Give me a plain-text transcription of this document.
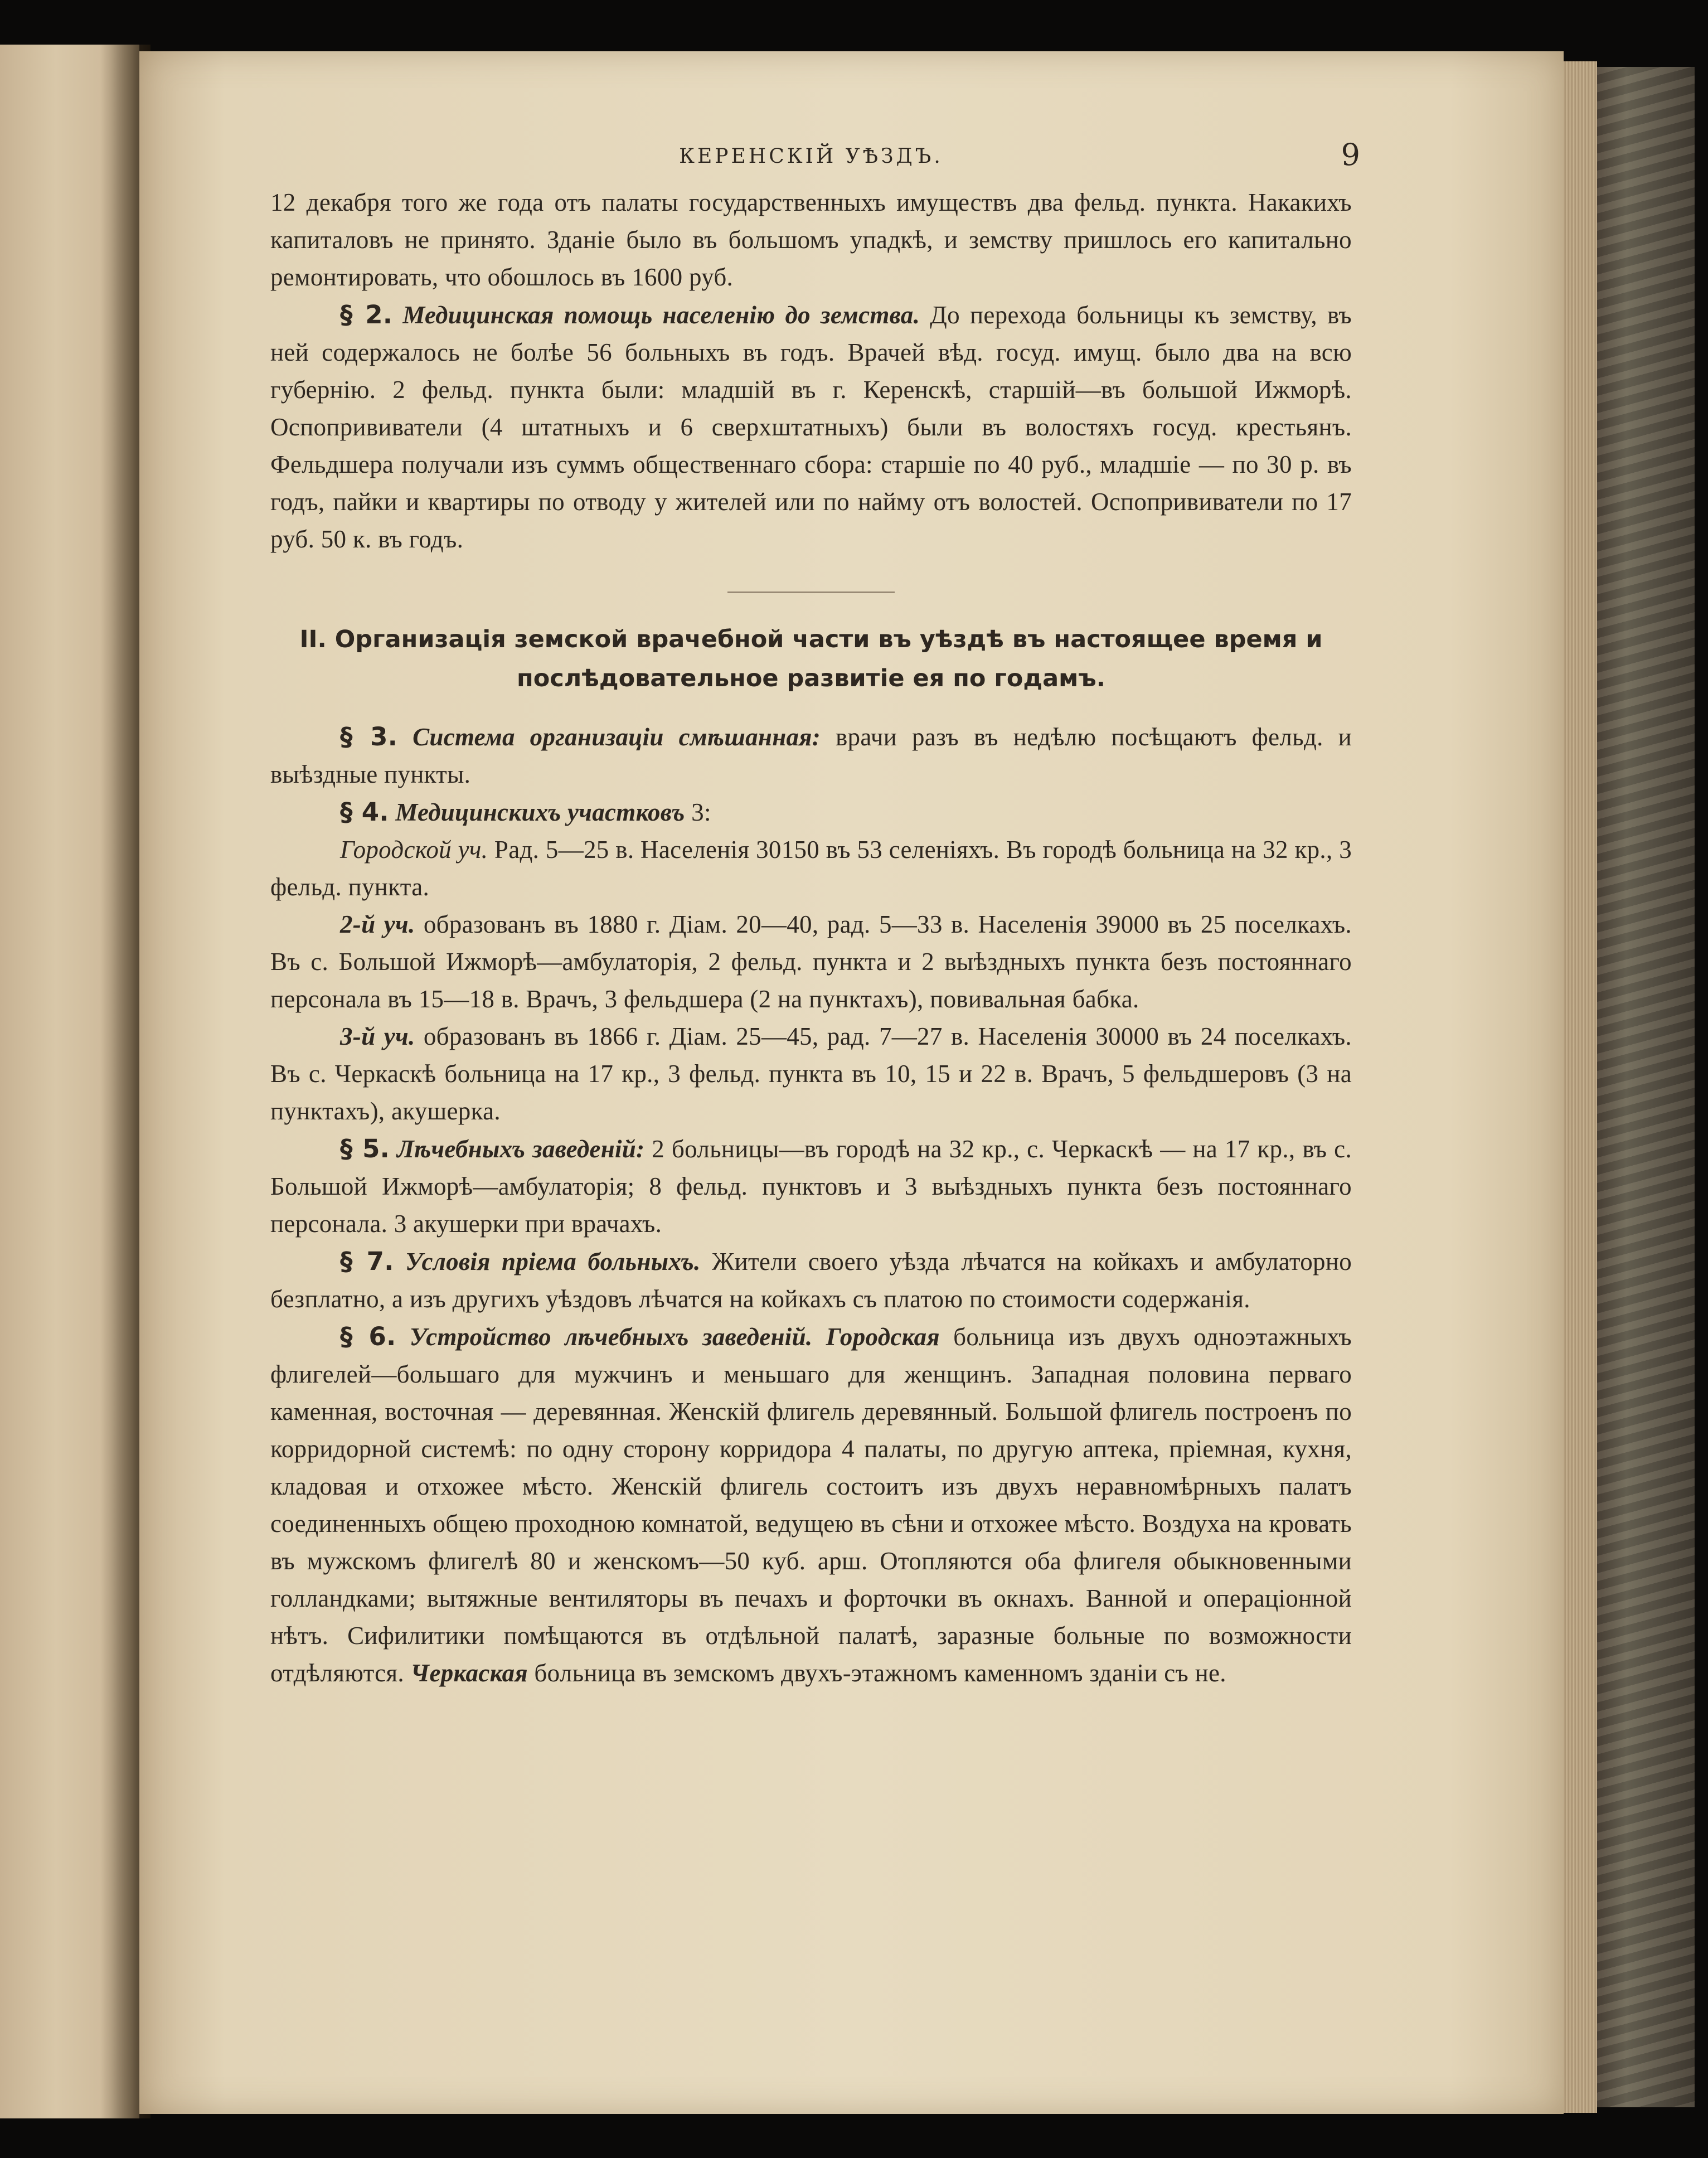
КЕРЕНСКІЙ УѢЗДЪ.	9

12 декабря того же года отъ палаты государственныхъ имуществъ два фельд. пункта. Накакихъ капиталовъ не принято. Зданіе было въ большомъ упадкѣ, и земству пришлось его капитально ремонтировать, что обошлось въ 1600 руб.

§ 2. Медицинская помощь населенію до земства. До перехода больницы къ земству, въ ней содержалось не болѣе 56 больныхъ въ годъ. Врачей вѣд. госуд. имущ. было два на всю губернію. 2 фельд. пункта были: младшій въ г. Керенскѣ, старшій—въ большой Ижморѣ. Оспопрививатели (4 штатныхъ и 6 сверхштатныхъ) были въ волостяхъ госуд. крестьянъ. Фельдшера получали изъ суммъ общественнаго сбора: старшіе по 40 руб., младшіе — по 30 р. въ годъ, пайки и квартиры по отводу у жителей или по найму отъ волостей. Оспопрививатели по 17 руб. 50 к. въ годъ.

II. Организація земской врачебной части въ уѣздѣ въ настоящее время и
послѣдовательное развитіе ея по годамъ.

§ 3. Система организаціи смѣшанная: врачи разъ въ недѣлю посѣщаютъ фельд. и выѣздные пункты.

§ 4. Медицинскихъ участковъ 3:

Городской уч. Рад. 5—25 в. Населенія 30150 въ 53 селеніяхъ. Въ городѣ больница на 32 кр., 3 фельд. пункта.

2-й уч. образованъ въ 1880 г. Діам. 20—40, рад. 5—33 в. Населенія 39000 въ 25 поселкахъ. Въ с. Большой Ижморѣ—амбулаторія, 2 фельд. пункта и 2 выѣздныхъ пункта безъ постояннаго персонала въ 15—18 в. Врачъ, 3 фельдшера (2 на пунктахъ), повивальная бабка.

3-й уч. образованъ въ 1866 г. Діам. 25—45, рад. 7—27 в. Населенія 30000 въ 24 поселкахъ. Въ с. Черкаскѣ больница на 17 кр., 3 фельд. пункта въ 10, 15 и 22 в. Врачъ, 5 фельдшеровъ (3 на пунктахъ), акушерка.

§ 5. Лѣчебныхъ заведеній: 2 больницы—въ городѣ на 32 кр., с. Черкаскѣ — на 17 кр., въ с. Большой Ижморѣ—амбулаторія; 8 фельд. пунктовъ и 3 выѣздныхъ пункта безъ постояннаго персонала. 3 акушерки при врачахъ.

§ 7. Условія пріема больныхъ. Жители своего уѣзда лѣчатся на койкахъ и амбулаторно безплатно, а изъ другихъ уѣздовъ лѣчатся на койкахъ съ платою по стоимости содержанія.

§ 6. Устройство лѣчебныхъ заведеній. Городская больница изъ двухъ одноэтажныхъ флигелей—большаго для мужчинъ и меньшаго для женщинъ. Западная половина перваго каменная, восточная — деревянная. Женскій флигель деревянный. Большой флигель построенъ по корридорной системѣ: по одну сторону корридора 4 палаты, по другую аптека, пріемная, кухня, кладовая и отхожее мѣсто. Женскій флигель состоитъ изъ двухъ неравномѣрныхъ палатъ соединенныхъ общею проходною комнатой, ведущею въ сѣни и отхожее мѣсто. Воздуха на кровать въ мужскомъ флигелѣ 80 и женскомъ—50 куб. арш. Отопляются оба флигеля обыкновенными голландками; вытяжные вентиляторы въ печахъ и форточки въ окнахъ. Ванной и операціонной нѣтъ. Сифилитики помѣщаются въ отдѣльной палатѣ, заразные больные по возможности отдѣляются. Черкаская больница въ земскомъ двухъ-этажномъ каменномъ зданіи съ не.
